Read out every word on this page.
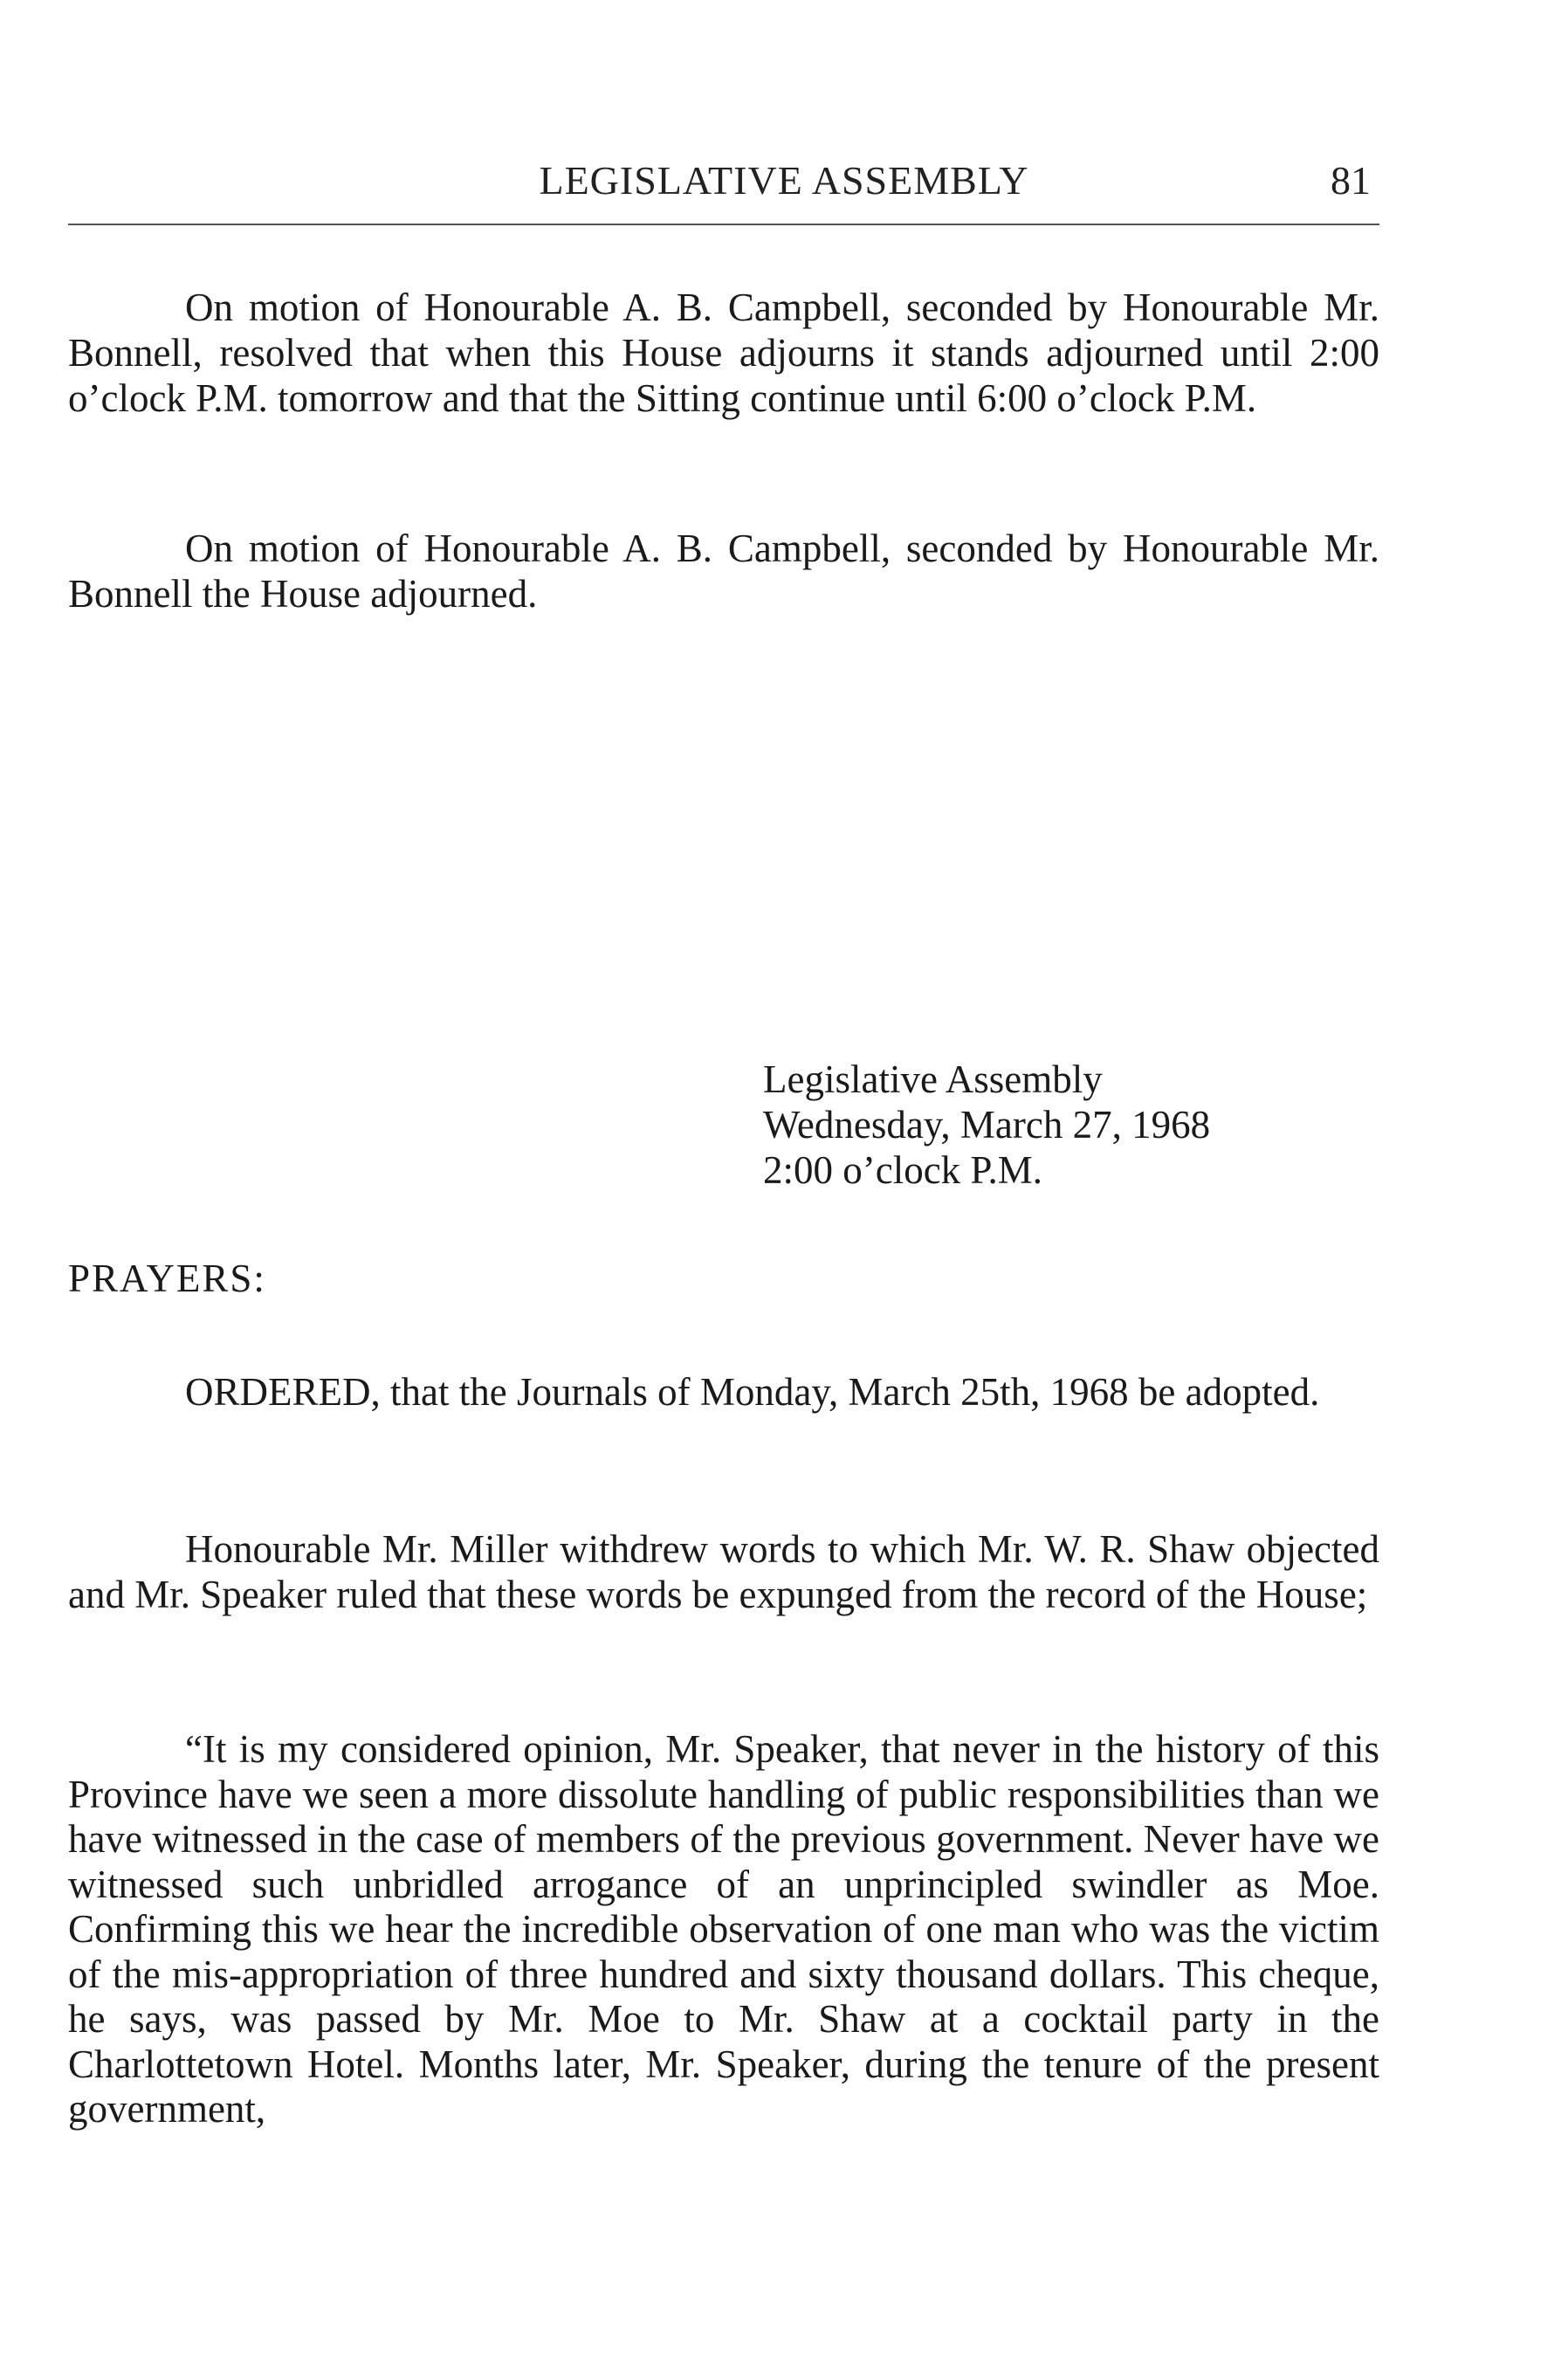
LEGISLATIVE ASSEMBLY	81

On motion of Honourable A. B. Campbell, seconded by Honourable Mr. Bonnell, resolved that when this House adjourns it stands adjourned until 2:00 o’clock P.M. tomorrow and that the Sitting continue until 6:00 o’clock P.M.

On motion of Honourable A. B. Campbell, seconded by Honourable Mr. Bonnell the House adjourned.

Legislative Assembly
Wednesday, March 27, 1968
2:00 o’clock P.M.
PRAYERS:

ORDERED, that the Journals of Monday, March 25th, 1968 be adopted.

Honourable Mr. Miller withdrew words to which Mr. W. R. Shaw objected and Mr. Speaker ruled that these words be expunged from the record of the House;

“It is my considered opinion, Mr. Speaker, that never in the history of this Province have we seen a more dissolute handling of public responsibilities than we have witnessed in the case of members of the previous government. Never have we witnessed such unbridled arrogance of an unprincipled swindler as Moe. Confirming this we hear the incredible observation of one man who was the victim of the mis-appropriation of three hundred and sixty thousand dollars. This cheque, he says, was passed by Mr. Moe to Mr. Shaw at a cocktail party in the Charlottetown Hotel. Months later, Mr. Speaker, during the tenure of the present government,
